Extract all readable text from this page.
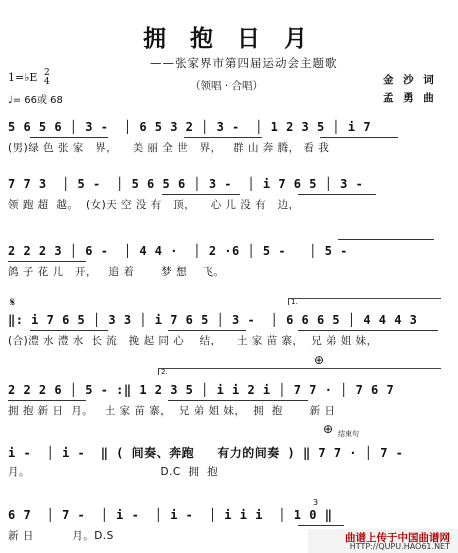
拥 抱 日 月
——张家界市第四届运动会主题歌
（领唱 · 合唱）	金 沙 词
孟 勇 曲
1=♭E 2
4
♩= 66或 68
5 6 5 6 │ 3 -  │ 6 5 3 2 │ 3 -  │ 1 2 3 5 │ i 7
(男)绿 色 张 家   界，    美 丽 全 世   界，   群 山 奔 腾， 看 我
7 7 3  │ 5 -  │ 5 6 5 6 │ 3 -  │ i 7 6 5 │ 3 -
领 跑 超  越。  (女)天 空 没 有   顶，    心 儿 没 有   边，
2 2 2 3 │ 6 -  │ 4 4 ·  │ 2 ·6 │ 5 -   │ 5 -
鸽 子 花 儿   开，   追 着       梦 想    飞。
𝄋	1.
‖: i 7 6 5 │ 3 3 │ i 7 6 5 │ 3 -  │ 6 6 6 5 │ 4 4 4 3
(合)澧 水 澧 水  长 流   挽 起 同 心    结，    土 家 苗 寨，  兄 弟 姐 妹，
⊕
2.
2 2 2 6 │ 5 - :‖ 1 2 3 5 │ i i 2 i │ 7 7 · │ 7 6 7
拥 抱 新 日  月。   土 家 苗 寨，  兄 弟 姐 妹，  拥  抱       新 日
⊕ 结束句
i -  │ i -  ‖ ( 间奏、奔跑   有力的间奏 ) ‖ 7 7 · │ 7 -
月。                                  D.C  拥  抱
3
6 7  │ 7 -  │ i -  │ i -  │ i i i  │ 1 0 ‖
新 日          月。D.S	曲谱上传于中国曲谱网
HTTP://QUPU.HAO61.NET
